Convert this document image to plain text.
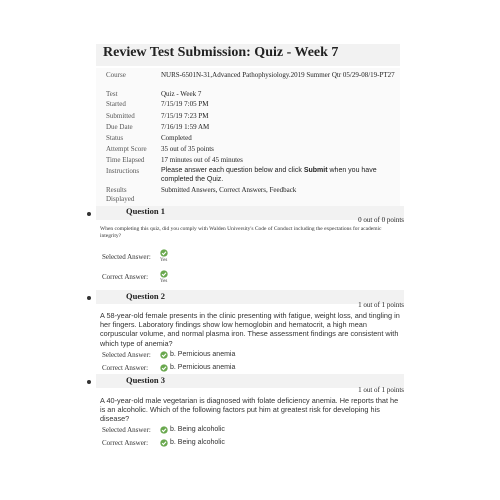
Review Test Submission: Quiz - Week 7
Course	NURS-6501N-31,Advanced Pathophysiology.2019 Summer Qtr 05/29-08/19-PT27
Test	Quiz - Week 7
Started	7/15/19 7:05 PM
Submitted	7/15/19 7:23 PM
Due Date	7/16/19 1:59 AM
Status	Completed
Attempt Score 35 out of 35 points
Time Elapsed 17 minutes out of 45 minutes
Instructions	Please answer each question below and click Submit when you have completed the Quiz.
Results Displayed
Submitted Answers, Correct Answers, Feedback
Question 1
0 out of 0 points
When completing this quiz, did you comply with Walden University's Code of Conduct including the expectations for academic integrity?
Selected Answer: Yes
Correct Answer:
Yes
Question 2
1 out of 1 points
A 58-year-old female presents in the clinic presenting with fatigue, weight loss, and tingling in her fingers. Laboratory findings show low hemoglobin and hematocrit, a high mean corpuscular volume, and normal plasma iron. These assessment findings are consistent with which type of anemia?
Selected Answer:	b. Pernicious anemia
Correct Answer:	b. Pernicious anemia
Question 3
1 out of 1 points
A 40-year-old male vegetarian is diagnosed with folate deficiency anemia. He reports that he is an alcoholic. Which of the following factors put him at greatest risk for developing his disease?
Selected Answer:	b. Being alcoholic
Correct Answer:	b. Being alcoholic
